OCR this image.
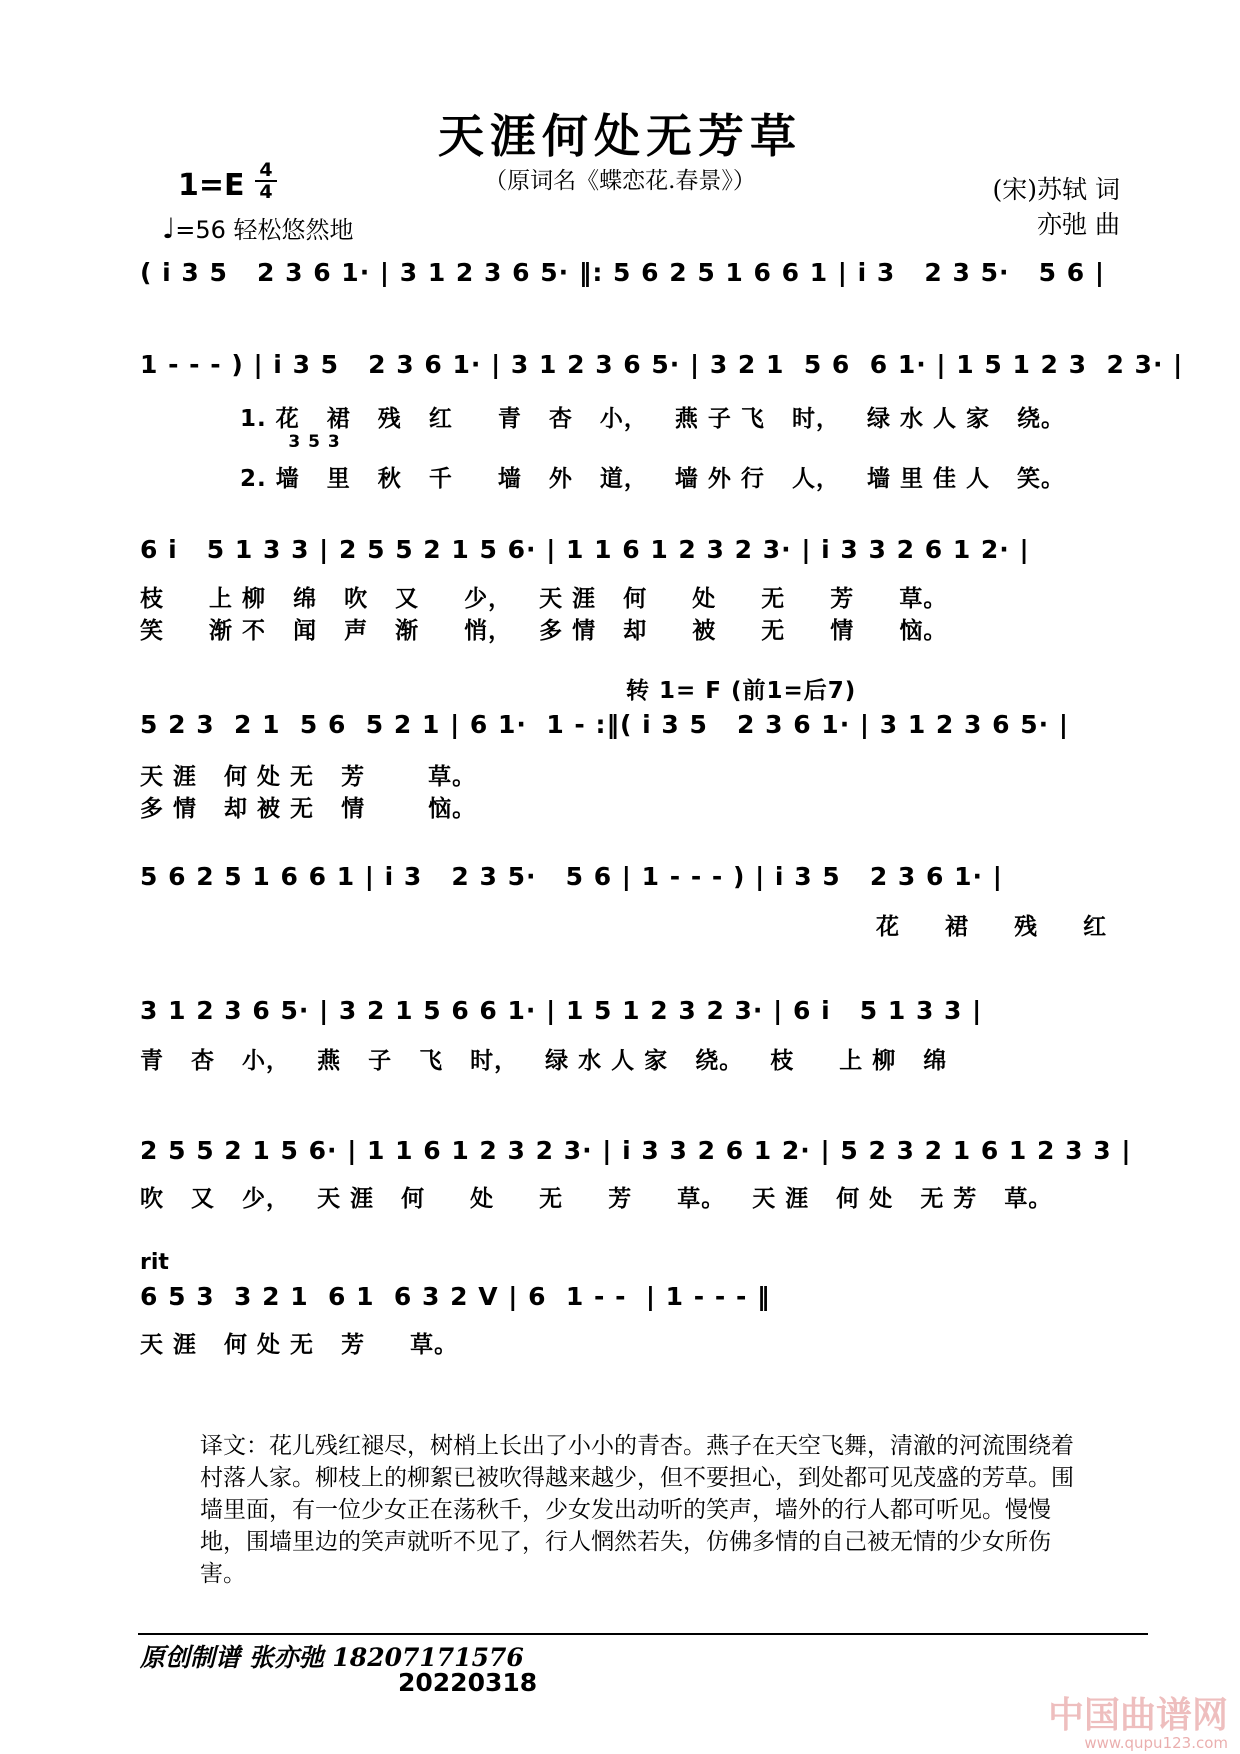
天涯何处无芳草
（原词名《蝶恋花.春景》）
1=E 4
4
♩=56 轻松悠然地
(宋)苏轼 词
亦弛 曲
( i 3 5   2 3 6 1· | 3 1 2 3 6 5· ‖: 5 6 2 5 1 6 6 1 | i 3   2 3 5·   5 6 |
1 - - - ) | i 3 5   2 3 6 1· | 3 1 2 3 6 5· | 3 2 1  5 6  6 1· | 1 5 1 2 3  2 3· |
1. 花   裙   残   红     青   杏   小，   燕 子 飞   时，   绿 水 人 家   绕。
3 5 3
2. 墙   里   秋   千     墙   外   道，   墙 外 行   人，   墙 里 佳 人   笑。
6 i   5 1 3 3 | 2 5 5 2 1 5 6· | 1 1 6 1 2 3 2 3· | i 3 3 2 6 1 2· |
枝     上 柳   绵   吹   又     少，   天 涯   何     处     无     芳     草。
笑     渐 不   闻   声   渐     悄，   多 情   却     被     无     情     恼。
转 1= F (前1=后7)
5 2 3  2 1  5 6  5 2 1 | 6 1·  1 - :‖( i 3 5   2 3 6 1· | 3 1 2 3 6 5· |
天 涯   何 处 无   芳       草。
多 情   却 被 无   情       恼。
5 6 2 5 1 6 6 1 | i 3   2 3 5·   5 6 | 1 - - - ) | i 3 5   2 3 6 1· |
花     裙     残     红
3 1 2 3 6 5· | 3 2 1 5 6 6 1· | 1 5 1 2 3 2 3· | 6 i   5 1 3 3 |
青   杏   小，   燕   子   飞   时，   绿 水 人 家   绕。   枝     上 柳   绵
2 5 5 2 1 5 6· | 1 1 6 1 2 3 2 3· | i 3 3 2 6 1 2· | 5 2 3 2 1 6 1 2 3 3 |
吹   又   少，   天 涯   何     处     无     芳     草。   天 涯   何 处   无 芳   草。
rit
6 5 3  3 2 1  6 1  6 3 2 V | 6  1 - -  | 1 - - - ‖
天 涯   何 处 无   芳     草。
译文：花儿残红褪尽，树梢上长出了小小的青杏。燕子在天空飞舞，清澈的河流围绕着村落人家。柳枝上的柳絮已被吹得越来越少，但不要担心，到处都可见茂盛的芳草。围墙里面，有一位少女正在荡秋千，少女发出动听的笑声，墙外的行人都可听见。慢慢地，围墙里边的笑声就听不见了，行人惘然若失，仿佛多情的自己被无情的少女所伤害。
原创制谱 张亦弛 18207171576
20220318
中国曲谱网
www.qupu123.com
